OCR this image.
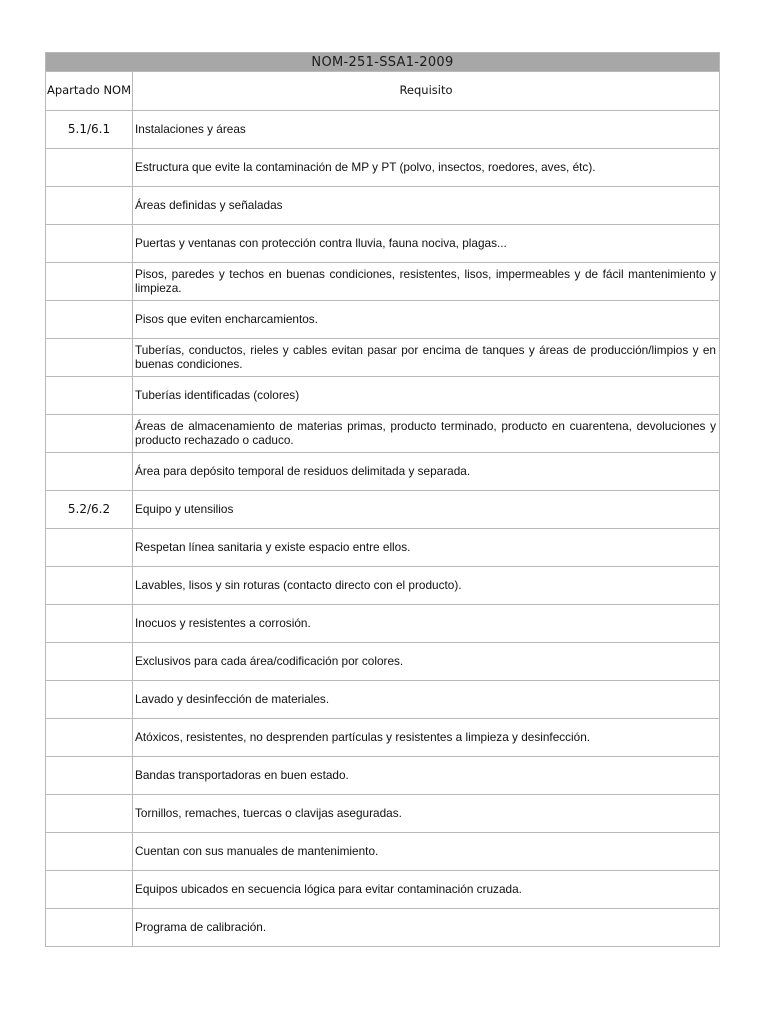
NOM-251-SSA1-2009	
Apartado NOM	Requisito
5.1/6.1	Instalaciones y áreas
	Estructura que evite la contaminación de MP y PT (polvo, insectos, roedores, aves, étc).
	Áreas definidas y señaladas
	Puertas y ventanas con protección contra lluvia, fauna nociva, plagas...
	Pisos, paredes y techos en buenas condiciones, resistentes, lisos, impermeables y de fácil mantenimiento y limpieza.
	Pisos que eviten encharcamientos.
	Tuberías, conductos, rieles y cables evitan pasar por encima de tanques y áreas de producción/limpios y en buenas condiciones.
	Tuberías identificadas (colores)
	Áreas de almacenamiento de materias primas, producto terminado, producto en cuarentena, devoluciones y producto rechazado o caduco.
	Área para depósito temporal de residuos delimitada y separada.
5.2/6.2	Equipo y utensilios
	Respetan línea sanitaria y existe espacio entre ellos.
	Lavables, lisos y sin roturas (contacto directo con el producto).
	Inocuos y resistentes a corrosión.
	Exclusivos para cada área/codificación por colores.
	Lavado y desinfección de materiales.
	Atóxicos, resistentes, no desprenden partículas y resistentes a limpieza y desinfección.
	Bandas transportadoras en buen estado.
	Tornillos, remaches, tuercas o clavijas aseguradas.
	Cuentan con sus manuales de mantenimiento.
	Equipos ubicados en secuencia lógica para evitar contaminación cruzada.
	Programa de calibración.
